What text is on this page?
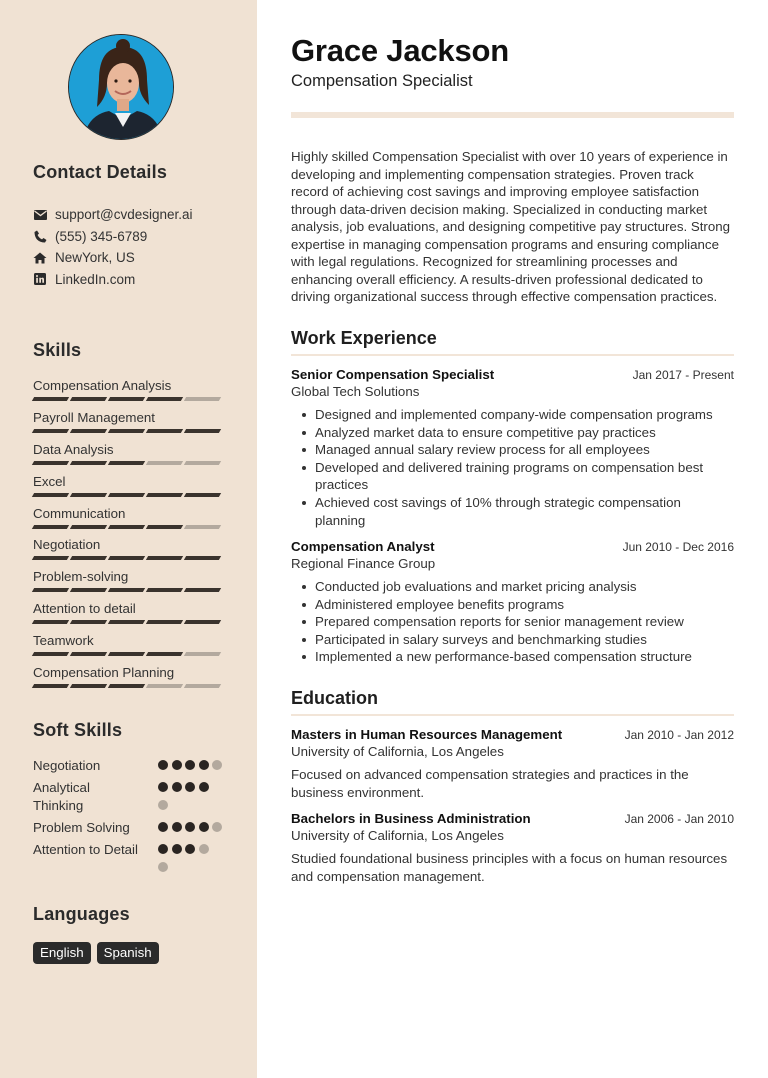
Contact Details
support@cvdesigner.ai
(555) 345-6789
NewYork, US
LinkedIn.com
Skills
Compensation Analysis
Payroll Management
Data Analysis
Excel
Communication
Negotiation
Problem-solving
Attention to detail
Teamwork
Compensation Planning
Soft Skills
Negotiation
Analytical Thinking
Problem Solving
Attention to Detail
Languages
English	Spanish
Grace Jackson
Compensation Specialist
Highly skilled Compensation Specialist with over 10 years of experience in developing and implementing compensation strategies. Proven track record of achieving cost savings and improving employee satisfaction through data-driven decision making. Specialized in conducting market analysis, job evaluations, and designing competitive pay structures. Strong expertise in managing compensation programs and ensuring compliance with legal regulations. Recognized for streamlining processes and enhancing overall efficiency. A results-driven professional dedicated to driving organizational success through effective compensation practices.
Work Experience
Senior Compensation Specialist	Jan 2017 - Present
Global Tech Solutions
Designed and implemented company-wide compensation programs
Analyzed market data to ensure competitive pay practices
Managed annual salary review process for all employees
Developed and delivered training programs on compensation best practices
Achieved cost savings of 10% through strategic compensation planning
Compensation Analyst	Jun 2010 - Dec 2016
Regional Finance Group
Conducted job evaluations and market pricing analysis
Administered employee benefits programs
Prepared compensation reports for senior management review
Participated in salary surveys and benchmarking studies
Implemented a new performance-based compensation structure
Education
Masters in Human Resources Management	Jan 2010 - Jan 2012
University of California, Los Angeles
Focused on advanced compensation strategies and practices in the business environment.
Bachelors in Business Administration	Jan 2006 - Jan 2010
University of California, Los Angeles
Studied foundational business principles with a focus on human resources and compensation management.
